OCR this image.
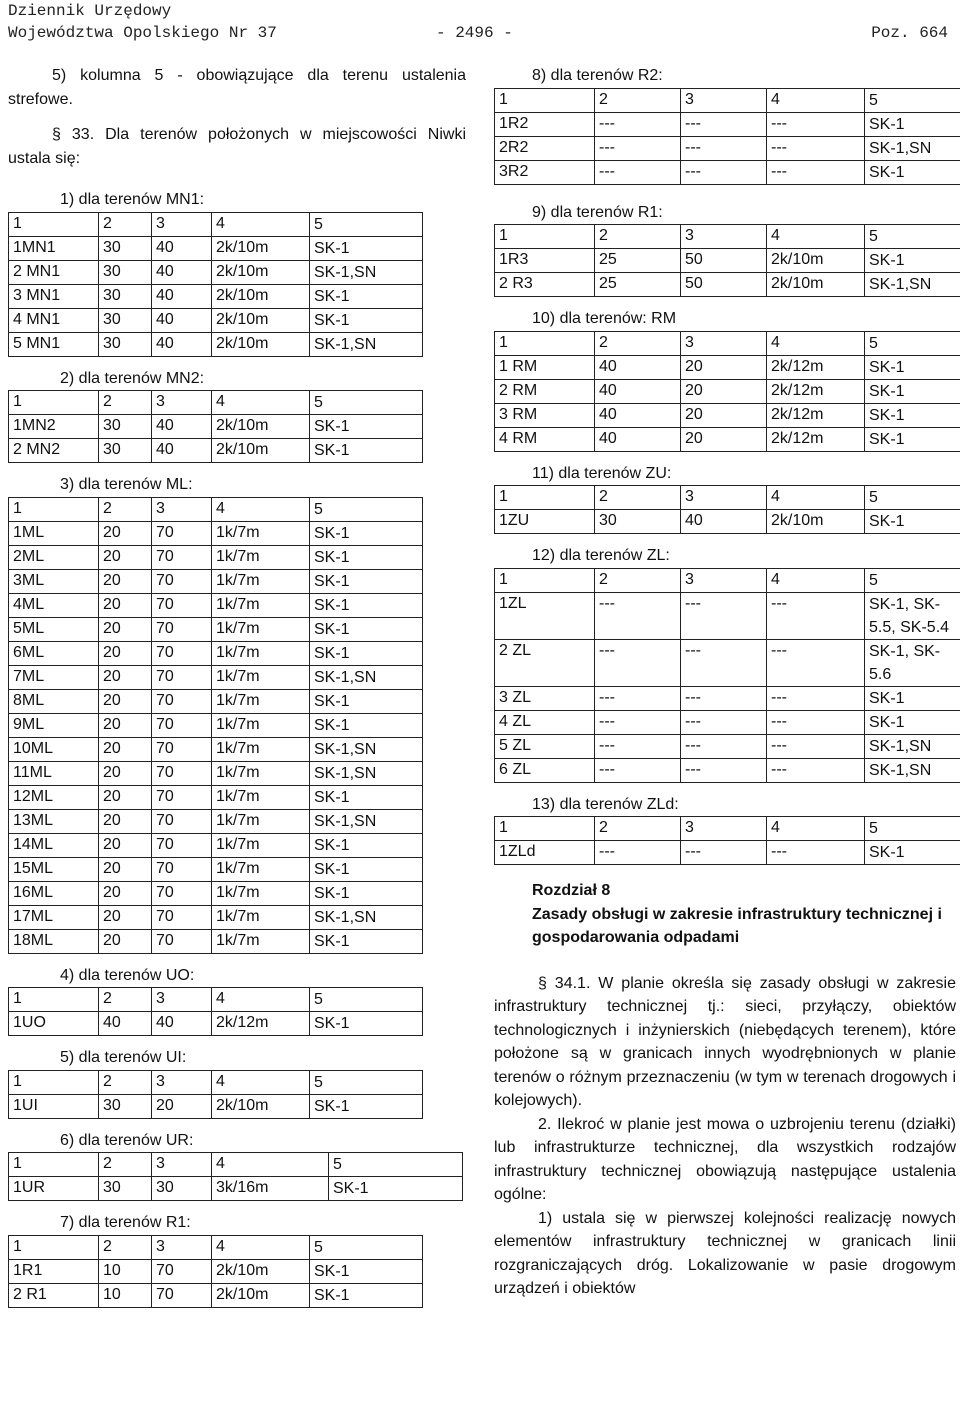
Dziennik Urzędowy
Województwa Opolskiego Nr 37	- 2496 -	Poz. 664
5) kolumna 5 - obowiązujące dla terenu ustalenia strefowe.
§ 33. Dla terenów położonych w miejscowości Niwki ustala się:
1) dla terenów MN1:
1	2	3	4	5
1MN1	30	40	2k/10m	SK-1
2 MN1	30	40	2k/10m	SK-1,SN
3 MN1	30	40	2k/10m	SK-1
4 MN1	30	40	2k/10m	SK-1
5 MN1	30	40	2k/10m	SK-1,SN
2) dla terenów MN2:
1	2	3	4	5
1MN2	30	40	2k/10m	SK-1
2 MN2	30	40	2k/10m	SK-1
3) dla terenów ML:
1	2	3	4	5
1ML	20	70	1k/7m	SK-1
2ML	20	70	1k/7m	SK-1
3ML	20	70	1k/7m	SK-1
4ML	20	70	1k/7m	SK-1
5ML	20	70	1k/7m	SK-1
6ML	20	70	1k/7m	SK-1
7ML	20	70	1k/7m	SK-1,SN
8ML	20	70	1k/7m	SK-1
9ML	20	70	1k/7m	SK-1
10ML	20	70	1k/7m	SK-1,SN
11ML	20	70	1k/7m	SK-1,SN
12ML	20	70	1k/7m	SK-1
13ML	20	70	1k/7m	SK-1,SN
14ML	20	70	1k/7m	SK-1
15ML	20	70	1k/7m	SK-1
16ML	20	70	1k/7m	SK-1
17ML	20	70	1k/7m	SK-1,SN
18ML	20	70	1k/7m	SK-1
4) dla terenów UO:
1	2	3	4	5
1UO	40	40	2k/12m	SK-1
5) dla terenów UI:
1	2	3	4	5
1UI	30	20	2k/10m	SK-1
6) dla terenów UR:
1	2	3	4	5
1UR	30	30	3k/16m	SK-1
7) dla terenów R1:
1	2	3	4	5
1R1	10	70	2k/10m	SK-1
2 R1	10	70	2k/10m	SK-1
8) dla terenów R2:
1	2	3	4	5
1R2	---	---	---	SK-1
2R2	---	---	---	SK-1,SN
3R2	---	---	---	SK-1
9) dla terenów R1:
1	2	3	4	5
1R3	25	50	2k/10m	SK-1
2 R3	25	50	2k/10m	SK-1,SN
10) dla terenów: RM
1	2	3	4	5
1 RM	40	20	2k/12m	SK-1
2 RM	40	20	2k/12m	SK-1
3 RM	40	20	2k/12m	SK-1
4 RM	40	20	2k/12m	SK-1
11) dla terenów ZU:
1	2	3	4	5
1ZU	30	40	2k/10m	SK-1
12) dla terenów ZL:
1	2	3	4	5
1ZL	---	---	---	SK-1, SK-5.5, SK-5.4
2 ZL	---	---	---	SK-1, SK-5.6
3 ZL	---	---	---	SK-1
4 ZL	---	---	---	SK-1
5 ZL	---	---	---	SK-1,SN
6 ZL	---	---	---	SK-1,SN
13) dla terenów ZLd:
1	2	3	4	5
1ZLd	---	---	---	SK-1
Rozdział 8
Zasady obsługi w zakresie infrastruktury technicznej i gospodarowania odpadami
§ 34.1. W planie określa się zasady obsługi w zakresie infrastruktury technicznej tj.: sieci, przyłączy, obiektów technologicznych i inżynierskich (niebędących terenem), które położone są w granicach innych wyodrębnionych w planie terenów o różnym przeznaczeniu (w tym w terenach drogowych i kolejowych).
2. Ilekroć w planie jest mowa o uzbrojeniu terenu (działki) lub infrastrukturze technicznej, dla wszystkich rodzajów infrastruktury technicznej obowiązują następujące ustalenia ogólne:
1) ustala się w pierwszej kolejności realizację nowych elementów infrastruktury technicznej w granicach linii rozgraniczających dróg. Lokalizowanie w pasie drogowym urządzeń i obiektów
